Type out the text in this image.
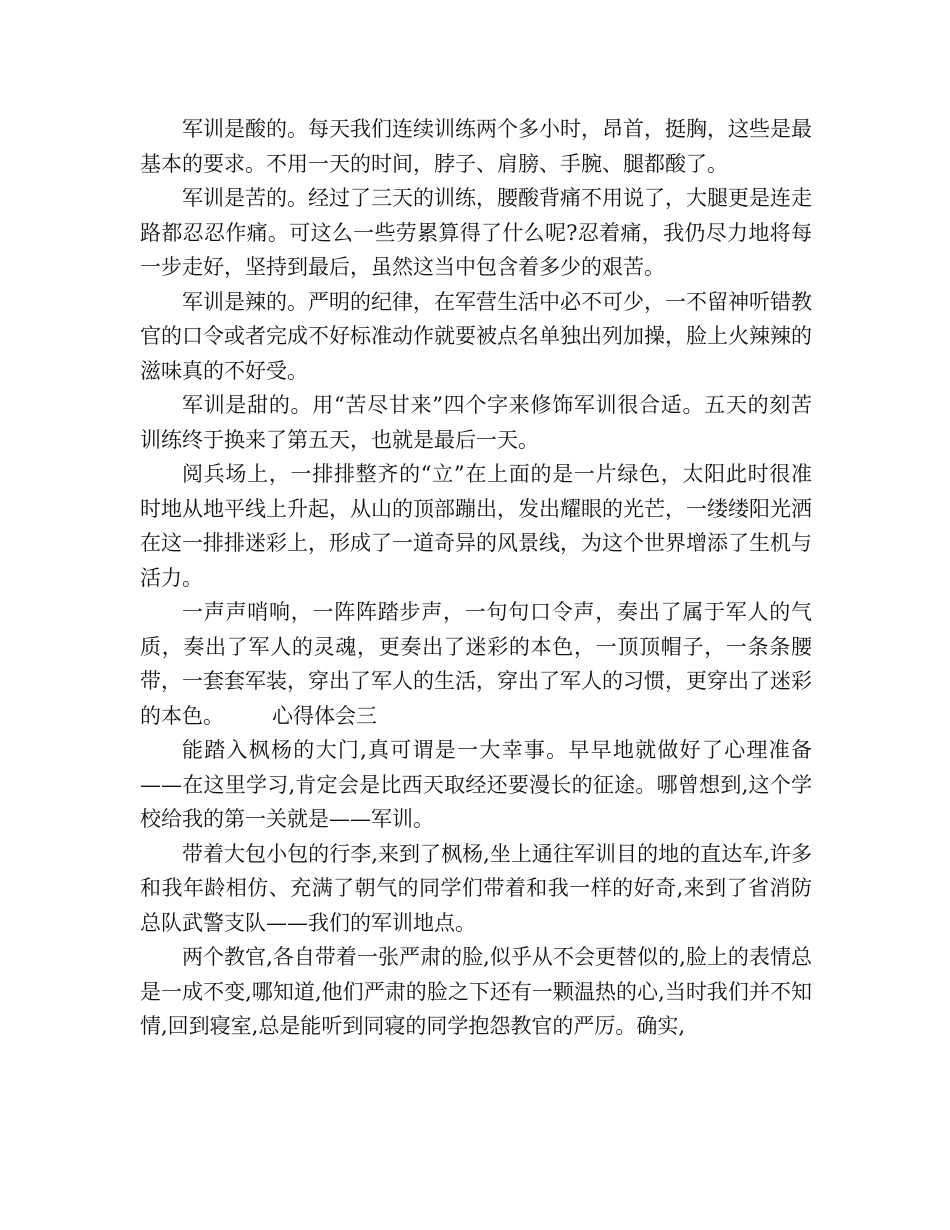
军训是酸的。每天我们连续训练两个多小时，昂首，挺胸，这些是最基本的要求。不用一天的时间，脖子、肩膀、手腕、腿都酸了。

军训是苦的。经过了三天的训练，腰酸背痛不用说了，大腿更是连走路都忍忍作痛。可这么一些劳累算得了什么呢?忍着痛，我仍尽力地将每一步走好，坚持到最后，虽然这当中包含着多少的艰苦。

军训是辣的。严明的纪律，在军营生活中必不可少，一不留神听错教官的口令或者完成不好标准动作就要被点名单独出列加操，脸上火辣辣的滋味真的不好受。

军训是甜的。用“苦尽甘来”四个字来修饰军训很合适。五天的刻苦训练终于换来了第五天，也就是最后一天。

阅兵场上，一排排整齐的“立”在上面的是一片绿色，太阳此时很准时地从地平线上升起，从山的顶部蹦出，发出耀眼的光芒，一缕缕阳光洒在这一排排迷彩上，形成了一道奇异的风景线，为这个世界增添了生机与活力。

一声声哨响，一阵阵踏步声，一句句口令声，奏出了属于军人的气质，奏出了军人的灵魂，更奏出了迷彩的本色，一顶顶帽子，一条条腰带，一套套军装，穿出了军人的生活，穿出了军人的习惯，更穿出了迷彩的本色。 心得体会三

能踏入枫杨的大门,真可谓是一大幸事。早早地就做好了心理准备——在这里学习,肯定会是比西天取经还要漫长的征途。哪曾想到,这个学校给我的第一关就是——军训。

带着大包小包的行李,来到了枫杨,坐上通往军训目的地的直达车,许多和我年龄相仿、充满了朝气的同学们带着和我一样的好奇,来到了省消防总队武警支队——我们的军训地点。

两个教官,各自带着一张严肃的脸,似乎从不会更替似的,脸上的表情总是一成不变,哪知道,他们严肃的脸之下还有一颗温热的心,当时我们并不知情,回到寝室,总是能听到同寝的同学抱怨教官的严厉。确实,
